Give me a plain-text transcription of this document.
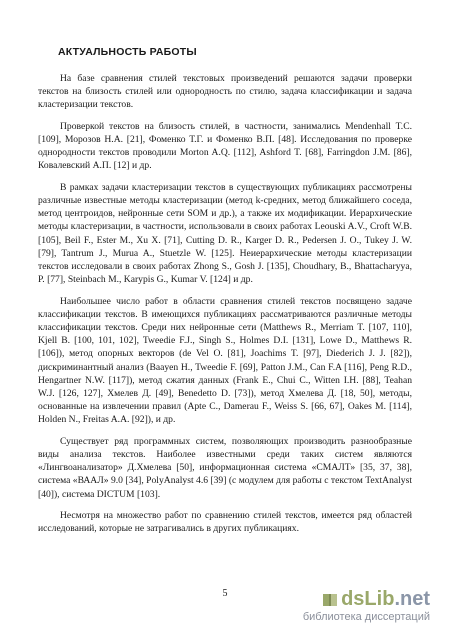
АКТУАЛЬНОСТЬ РАБОТЫ

На базе сравнения стилей текстовых произведений решаются задачи проверки текстов на близость стилей или однородность по стилю, задача классификации и задача кластеризации текстов.

Проверкой текстов на близость стилей, в частности, занимались Mendenhall T.C. [109], Морозов Н.А. [21], Фоменко Т.Г. и Фоменко В.П. [48]. Исследования по проверке однородности текстов проводили Morton A.Q. [112], Ashford T. [68], Farringdon J.M. [86], Ковалевский А.П. [12] и др.

В рамках задачи кластеризации текстов в существующих публикациях рассмотрены различные известные методы кластеризации (метод k-средних, метод ближайшего соседа, метод центроидов, нейронные сети SOM и др.), а также их модификации. Иерархические методы кластеризации, в частности, использовали в своих работах Leouski A.V., Croft W.B. [105], Beil F., Ester M., Xu X. [71], Cutting D. R., Karger D. R., Pedersen J. O., Tukey J. W. [79], Tantrum J., Murua A., Stuetzle W. [125]. Неиерархические методы кластеризации текстов исследовали в своих работах Zhong S., Gosh J. [135], Choudhary, B., Bhattacharyya, P. [77], Steinbach M., Karypis G., Kumar V. [124] и др.

Наибольшее число работ в области сравнения стилей текстов посвящено задаче классификации текстов. В имеющихся публикациях рассматриваются различные методы классификации текстов. Среди них нейронные сети (Matthews R., Merriam T. [107, 110], Kjell B. [100, 101, 102], Tweedie F.J., Singh S., Holmes D.I. [131], Lowe D., Matthews R. [106]), метод опорных векторов (de Vel O. [81], Joachims T. [97], Diederich J. J. [82]), дискриминантный анализ (Baayen H., Tweedie F. [69], Patton J.M., Can F.A [116], Peng R.D., Hengartner N.W. [117]), метод сжатия данных (Frank E., Chui C., Witten I.H. [88], Teahan W.J. [126, 127], Хмелев Д. [49], Benedetto D. [73]), метод Хмелева Д. [18, 50], методы, основанные на извлечении правил (Apte C., Damerau F., Weiss S. [66, 67], Oakes M. [114], Holden N., Freitas A.A. [92]), и др.

Существует ряд программных систем, позволяющих производить разнообразные виды анализа текстов. Наиболее известными среди таких систем являются «Лингвоанализатор» Д.Хмелева [50], информационная система «СМАЛТ» [35, 37, 38], система «ВААЛ» 9.0 [34], PolyAnalyst 4.6 [39] (с модулем для работы с текстом TextAnalyst [40]), система DICTUM [103].

Несмотря на множество работ по сравнению стилей текстов, имеется ряд областей исследований, которые не затрагивались в других публикациях.

5	dsLib .net
библиотека диссертаций
